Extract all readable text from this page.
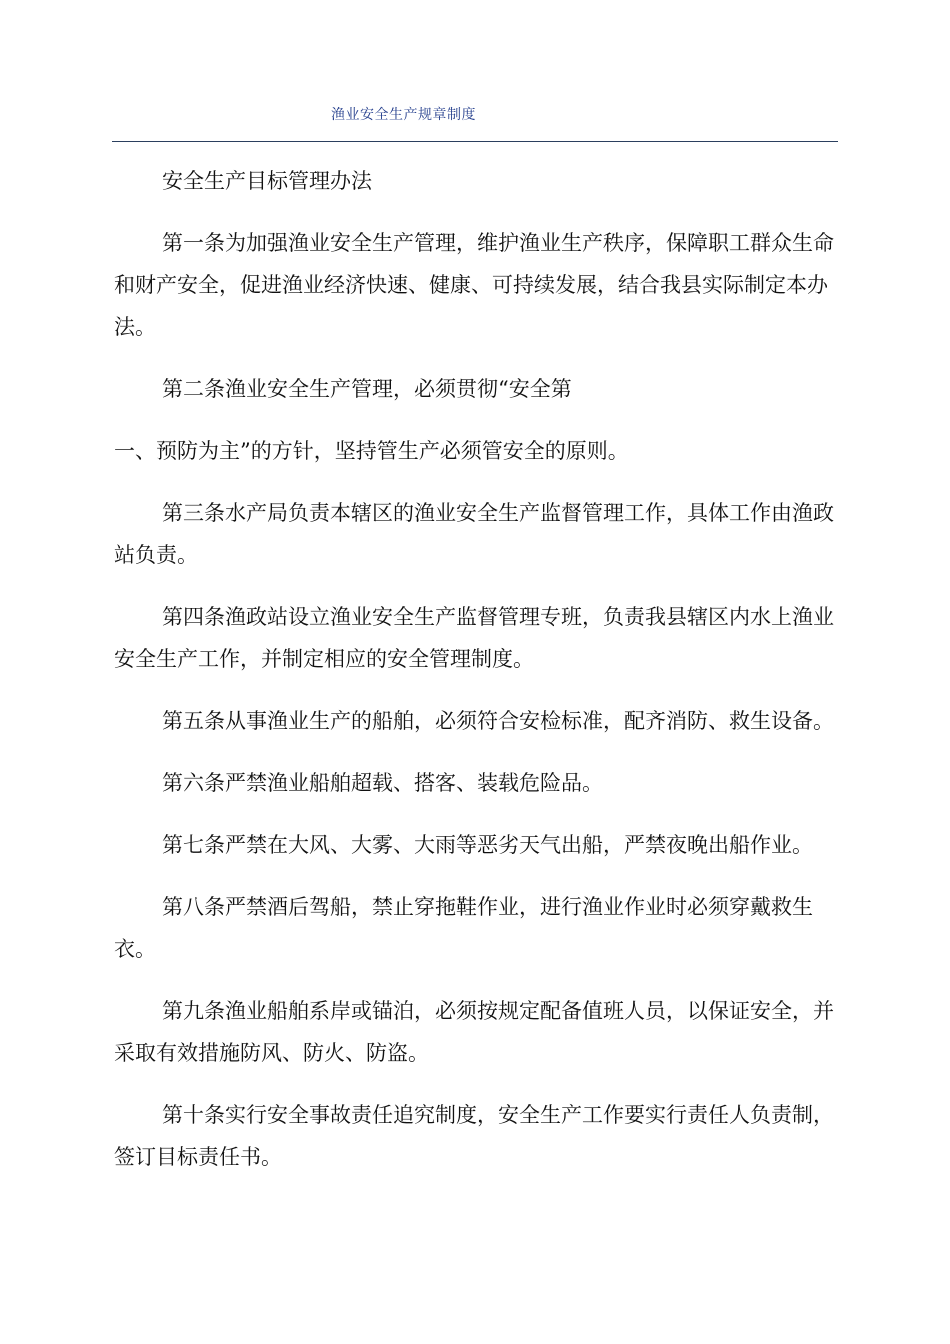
渔业安全生产规章制度

安全生产目标管理办法

第一条为加强渔业安全生产管理，维护渔业生产秩序，保障职工群众生命和财产安全，促进渔业经济快速、健康、可持续发展，结合我县实际制定本办法。

第二条渔业安全生产管理，必须贯彻“安全第

一、预防为主”的方针，坚持管生产必须管安全的原则。

第三条水产局负责本辖区的渔业安全生产监督管理工作，具体工作由渔政站负责。

第四条渔政站设立渔业安全生产监督管理专班，负责我县辖区内水上渔业安全生产工作，并制定相应的安全管理制度。

第五条从事渔业生产的船舶，必须符合安检标准，配齐消防、救生设备。

第六条严禁渔业船舶超载、搭客、装载危险品。

第七条严禁在大风、大雾、大雨等恶劣天气出船，严禁夜晚出船作业。

第八条严禁酒后驾船，禁止穿拖鞋作业，进行渔业作业时必须穿戴救生衣。

第九条渔业船舶系岸或锚泊，必须按规定配备值班人员，以保证安全，并采取有效措施防风、防火、防盗。

第十条实行安全事故责任追究制度，安全生产工作要实行责任人负责制，签订目标责任书。
